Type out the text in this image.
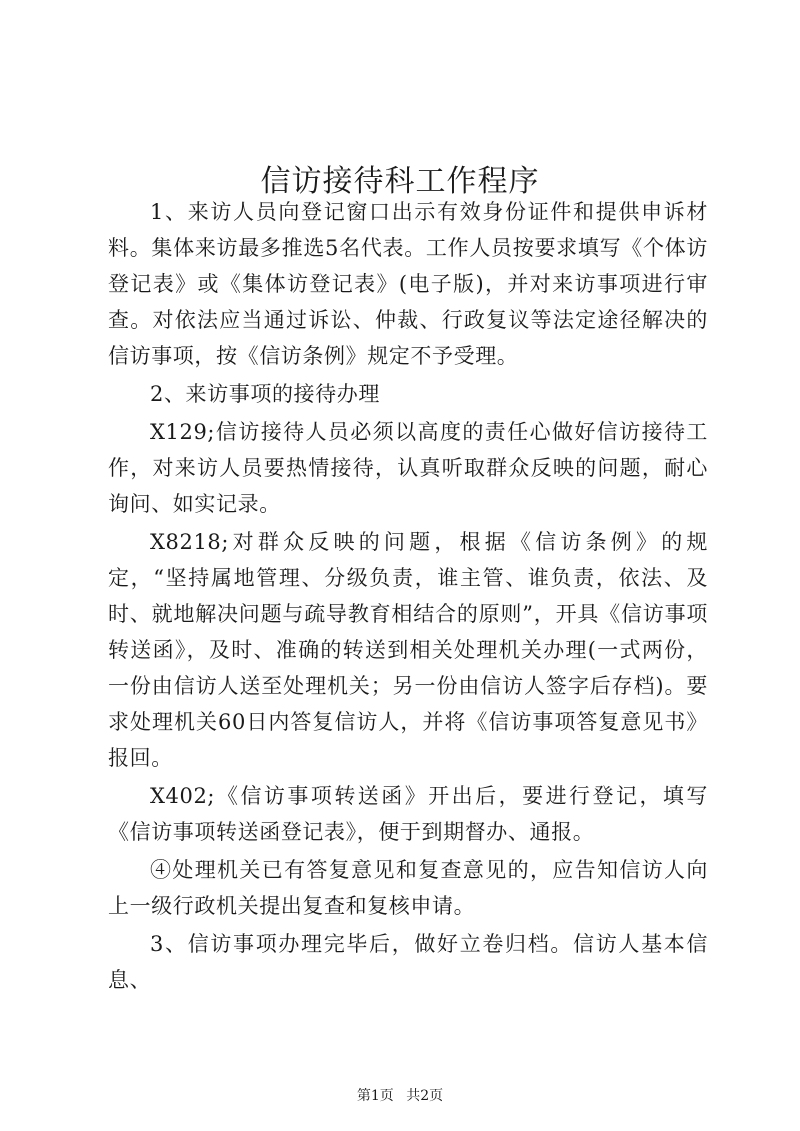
信访接待科工作程序

1、来访人员向登记窗口出示有效身份证件和提供申诉材料。集体来访最多推选5名代表。工作人员按要求填写《个体访登记表》或《集体访登记表》(电子版)，并对来访事项进行审查。对依法应当通过诉讼、仲裁、行政复议等法定途径解决的信访事项，按《信访条例》规定不予受理。

2、来访事项的接待办理

X129;信访接待人员必须以高度的责任心做好信访接待工作，对来访人员要热情接待，认真听取群众反映的问题，耐心询问、如实记录。

X8218;对群众反映的问题，根据《信访条例》的规定，“坚持属地管理、分级负责，谁主管、谁负责，依法、及时、就地解决问题与疏导教育相结合的原则”，开具《信访事项转送函》，及时、准确的转送到相关处理机关办理(一式两份，一份由信访人送至处理机关；另一份由信访人签字后存档)。要求处理机关60日内答复信访人，并将《信访事项答复意见书》报回。

X402;《信访事项转送函》开出后，要进行登记，填写《信访事项转送函登记表》，便于到期督办、通报。

④处理机关已有答复意见和复查意见的，应告知信访人向上一级行政机关提出复查和复核申请。

3、信访事项办理完毕后，做好立卷归档。信访人基本信息、

第1页 共2页
